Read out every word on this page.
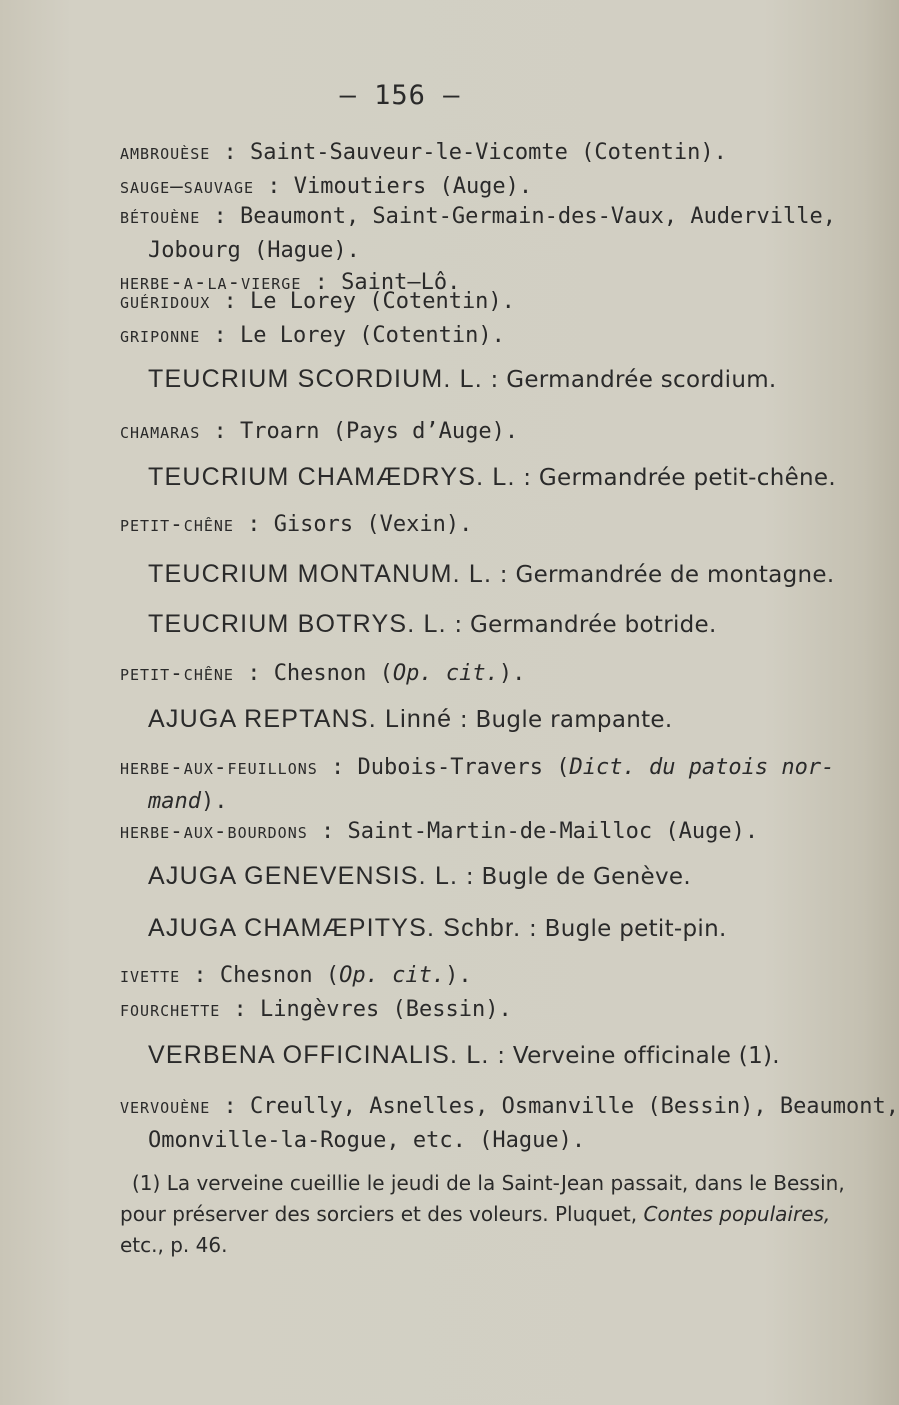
— 156 —
ambrouèse : Saint-Sauveur-le-Vicomte (Cotentin).
sauge–sauvage : Vimoutiers (Auge).
bétouène : Beaumont, Saint-Germain-des-Vaux, Auderville,
Jobourg (Hague).
herbe-a-la-vierge : Saint–Lô.
guéridoux : Le Lorey (Cotentin).
griponne : Le Lorey (Cotentin).
TEUCRIUM SCORDIUM. L. : Germandrée scordium.
chamaras : Troarn (Pays d’Auge).
TEUCRIUM CHAMÆDRYS. L. : Germandrée petit-chêne.
petit-chêne : Gisors (Vexin).
TEUCRIUM MONTANUM. L. : Germandrée de montagne.
TEUCRIUM BOTRYS. L. : Germandrée botride.
petit-chêne : Chesnon (Op. cit.).
AJUGA REPTANS. Linné : Bugle rampante.
herbe-aux-feuillons : Dubois-Travers (Dict. du patois nor-
mand).
herbe-aux-bourdons : Saint-Martin-de-Mailloc (Auge).
AJUGA GENEVENSIS. L. : Bugle de Genève.
AJUGA CHAMÆPITYS. Schbr. : Bugle petit-pin.
ivette : Chesnon (Op. cit.).
fourchette : Lingèvres (Bessin).
VERBENA OFFICINALIS. L. : Verveine officinale (1).
vervouène : Creully, Asnelles, Osmanville (Bessin), Beaumont,
Omonville-la-Rogue, etc. (Hague).
(1) La verveine cueillie le jeudi de la Saint-Jean passait, dans le Bessin,
pour préserver des sorciers et des voleurs. Pluquet, Contes populaires,
etc., p. 46.
